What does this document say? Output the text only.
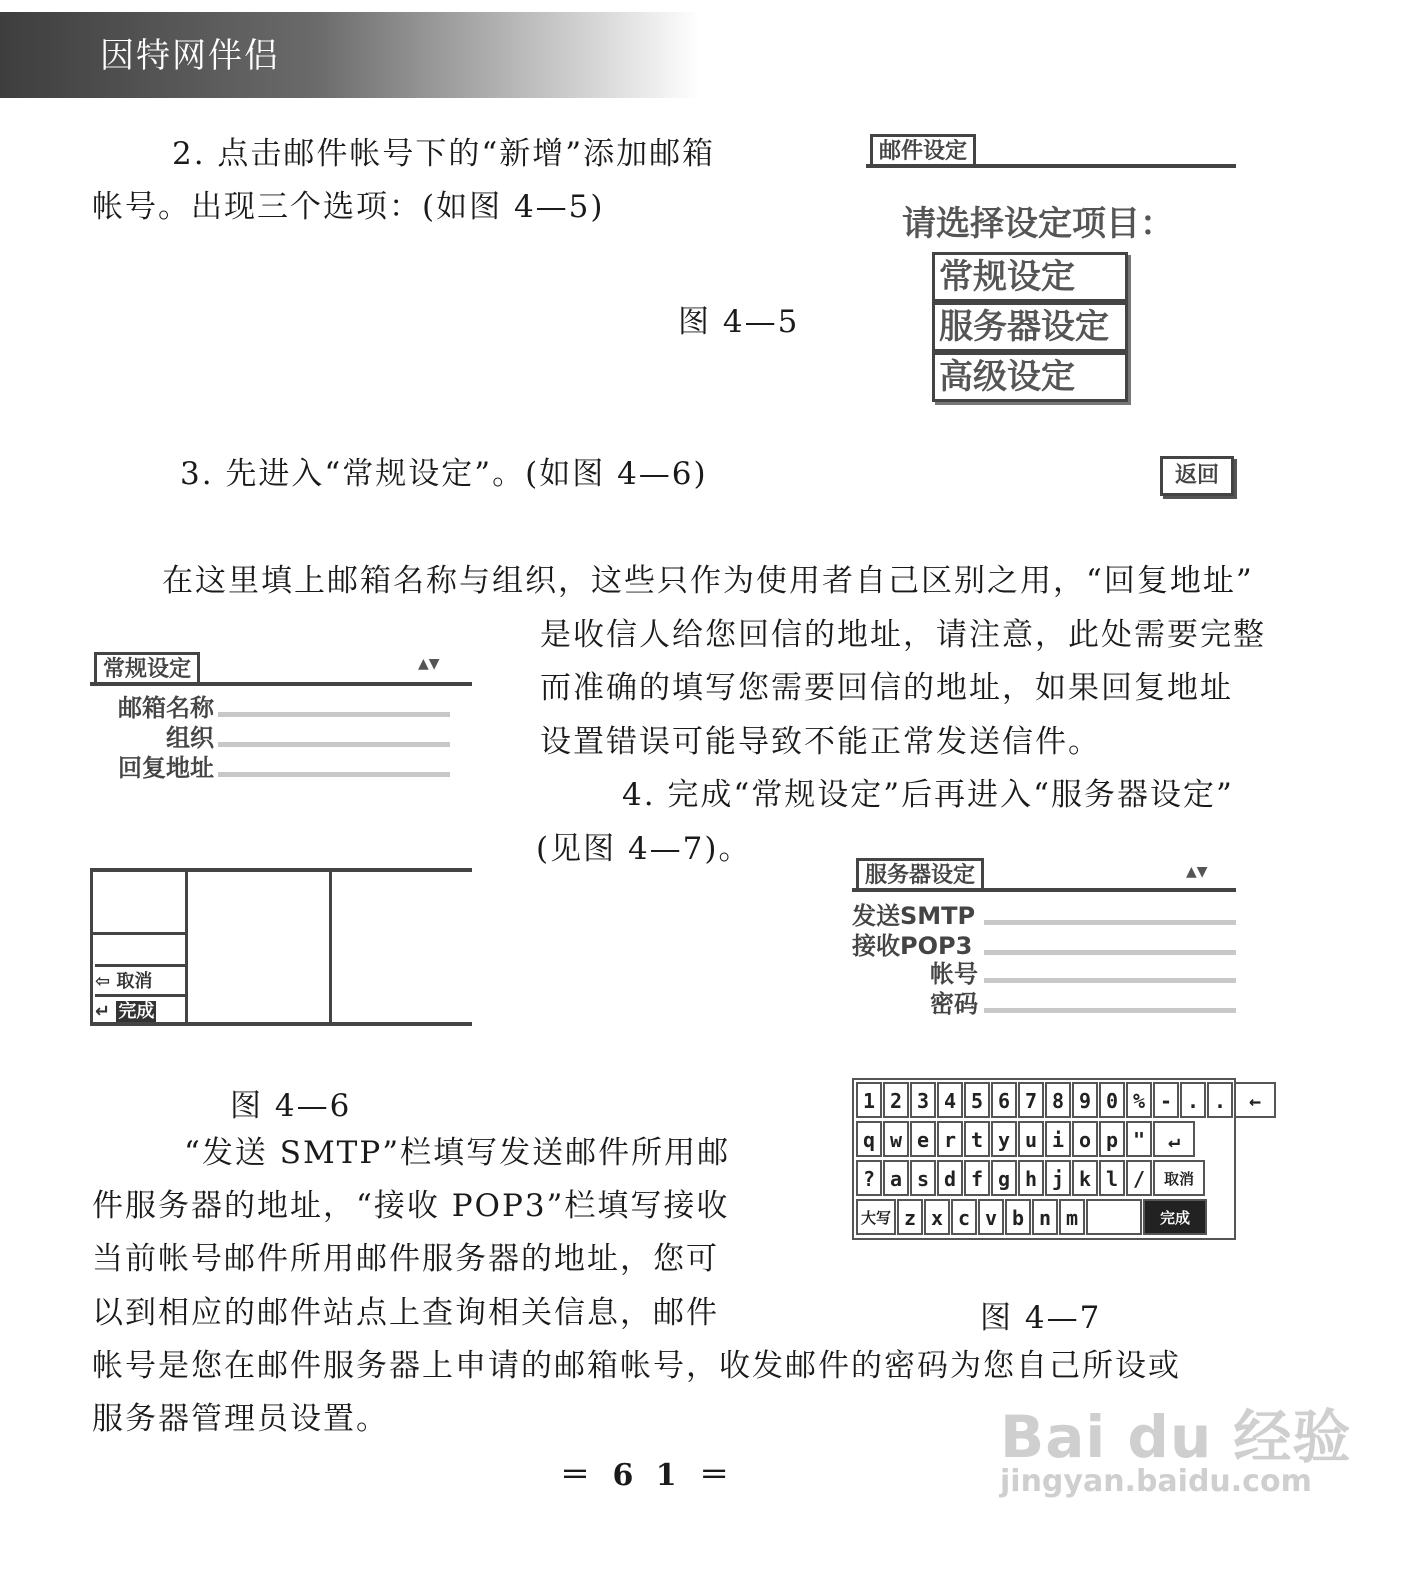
因特网伴侣
2. 点击邮件帐号下的“新增”添加邮箱
帐号。出现三个选项：(如图 4—5)
图 4—5
邮件设定
请选择设定项目：
常规设定
服务器设定
高级设定
返回
3. 先进入“常规设定”。(如图 4—6)
在这里填上邮箱名称与组织，这些只作为使用者自己区别之用，“回复地址”
是收信人给您回信的地址，请注意，此处需要完整
而准确的填写您需要回信的地址，如果回复地址
设置错误可能导致不能正常发送信件。
4. 完成“常规设定”后再进入“服务器设定”
(见图 4—7)。
常规设定	▲▼
邮箱名称
组织
回复地址
⇦ 取消
↵ 完成
图 4—6
服务器设定	▲▼
发送SMTP
接收POP3
帐号
密码
1 2 3 4 5 6 7 8 9 0 % - . .	←
q w e r t y u i o p "	↵
? a s d f g h j k l /	取消
大写 z x c v b n m	完成
图 4—7
“发送 SMTP”栏填写发送邮件所用邮
件服务器的地址，“接收 POP3”栏填写接收
当前帐号邮件所用邮件服务器的地址，您可
以到相应的邮件站点上查询相关信息，邮件
帐号是您在邮件服务器上申请的邮箱帐号，收发邮件的密码为您自己所设或
服务器管理员设置。
＝ 6 1 ＝
Bai du 经验
jingyan.baidu.com
